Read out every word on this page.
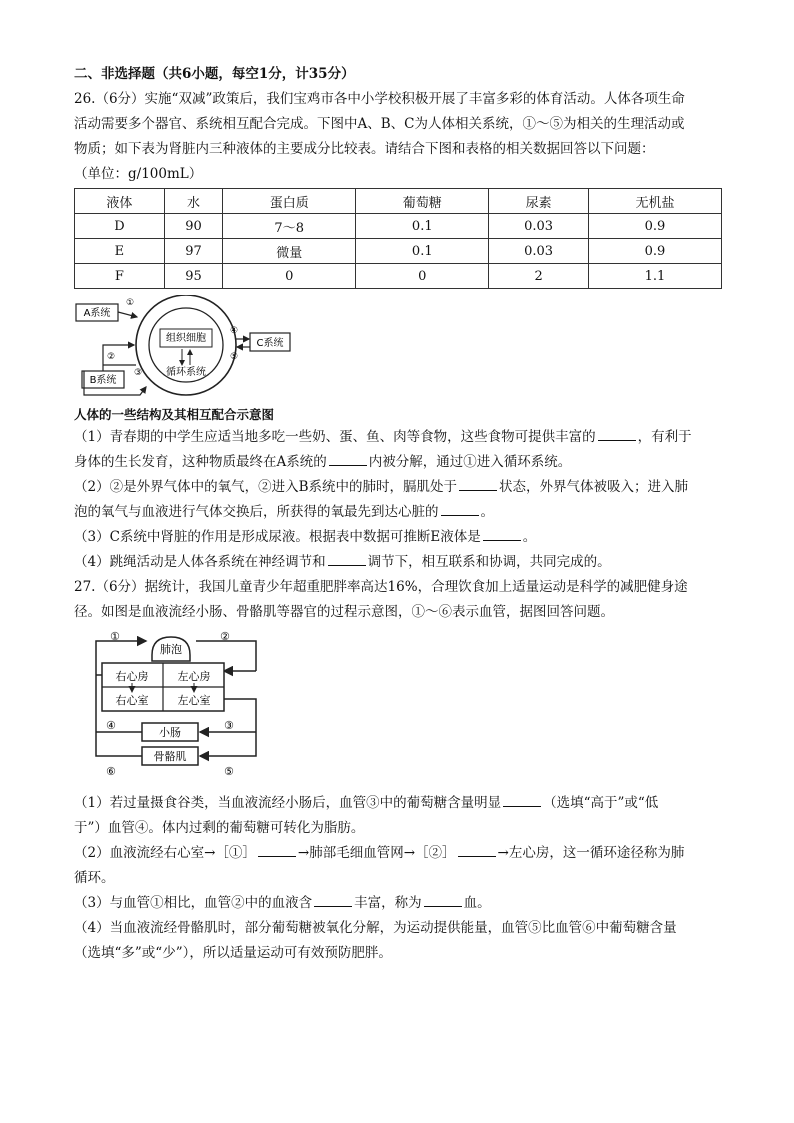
二、非选择题（共6小题，每空1分，计35分）
26.（6分）实施“双减”政策后，我们宝鸡市各中小学校积极开展了丰富多彩的体育活动。人体各项生命
活动需要多个器官、系统相互配合完成。下图中A、B、C为人体相关系统，①～⑤为相关的生理活动或
物质；如下表为肾脏内三种液体的主要成分比较表。请结合下图和表格的相关数据回答以下问题：
（单位：g/100mL）
液体	水	蛋白质	葡萄糖	尿素	无机盐
D	90	7～8	0.1	0.03	0.9
E	97	微量	0.1	0.03	0.9
F	95	0	0	2	1.1
A系统
①
B系统
②
③
组织细胞
循环系统
C系统
④
⑤
人体的一些结构及其相互配合示意图
（1）青春期的中学生应适当地多吃一些奶、蛋、鱼、肉等食物，这些食物可提供丰富的	，有利于
身体的生长发育，这种物质最终在A系统的	内被分解，通过①进入循环系统。
（2）②是外界气体中的氧气，②进入B系统中的肺时，膈肌处于	状态，外界气体被吸入；进入肺
泡的氧气与血液进行气体交换后，所获得的氧最先到达心脏的	。
（3）C系统中肾脏的作用是形成尿液。根据表中数据可推断E液体是	。
（4）跳绳活动是人体各系统在神经调节和	调节下，相互联系和协调，共同完成的。
27.（6分）据统计，我国儿童青少年超重肥胖率高达16%，合理饮食加上适量运动是科学的减肥健身途
径。如图是血液流经小肠、骨骼肌等器官的过程示意图，①～⑥表示血管，据图回答问题。
肺泡
①	②
右心房	左心房
右心室	左心室
小肠
骨骼肌
④
⑥
③
⑤
（1）若过量摄食谷类，当血液流经小肠后，血管③中的葡萄糖含量明显	（选填“高于”或“低
于”）血管④。体内过剩的葡萄糖可转化为脂肪。
（2）血液流经右心室→［①］	→肺部毛细血管网→［②］	→左心房，这一循环途径称为肺
循环。
（3）与血管①相比，血管②中的血液含	丰富，称为	血。
（4）当血液流经骨骼肌时，部分葡萄糖被氧化分解，为运动提供能量，血管⑤比血管⑥中葡萄糖含量
（选填“多”或“少”），所以适量运动可有效预防肥胖。
